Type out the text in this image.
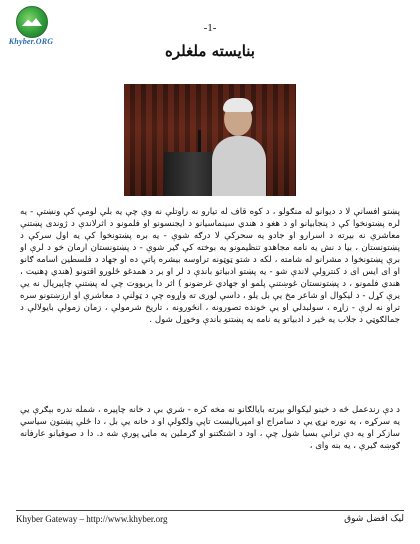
Khyber.ORG
-1-
بنایسته ملغلره
پښتو افسانې لا د دیوانو له منګولو ، د کوه قاف له تیارو نه راوتلې نه وې چې یه بلې لومې کې ونښتې - یه لره پښتونخوا کې د پنجابیانو او د هغو د هندي سینماسیانو د ایجنسونو او فلمونو د اثرلاندې د ژوندی پښتنې معاشرې نه بیرته د اسرارو او جادو یه سحرکې لا درګه شوې - یه بره پښتونخوا کې یه اول سرکې د پښتونستان ، بیا د نش یه نامه مجاهدو تنظیمونو یه بوخته کې ګیر شوې - د پښتونستان ارمان خو د لرې او برې پښتونخوا د مشرانو له شامته ، لکه د شتو ټوټونه تراوسه بیشره پاتې ده او جهاد د فلسطین اسامه ګانو او ای ایس ای د کنترولې لاندې شو - یه پښتو ادبیاتو باندې د لر او بر د همدغو ځلورو اقتونو (هندي ډهنیت ، هندي فلمونو ، د پښتونستان غوښتنې پلمو او جهادي غرضونو ) اثر دا یربووت چې له پښتنې چاپیریال نه یې یرې کړل - د لیکوال او شاعر مخ یې بل یلو ، داسې لوری ته واړوه چې د ټولنې د معاشرې او ارزښتونو سره تراو نه لرې - زاړه ، سولبدلي او یې خونده تصورونه ، انځورونه ، تاریخ شرمولې ، زمان زمولې بایولالې د جمالګوټي د جلاب یه څیر د ادبیاتو یه نامه یه پښتنو باندې وخوړل شول .
د دې رندعمل څه د خینو لیکوالو بیرته بایالګانو نه مخه کره - شري بې د خانه چاپیره ، شمله ندره بېګرې یې یه سرکړه ، یه نوره نړۍ یې د سامراج او امپریالیست تاپې ولګولې او د خانه یې بل ، دا ځلې پښتون سیاسي سازکر او یه دې ترانې بسیا شول چې ، اود د اشتګتنو او ګرملین یه ماڼۍ پورې شه د. دا د صوفیانو عارفانه ګوښه ګیرې ، یه بنه وای ،
Khyber Gateway – http://www.khyber.org	لیک افضل شوق
